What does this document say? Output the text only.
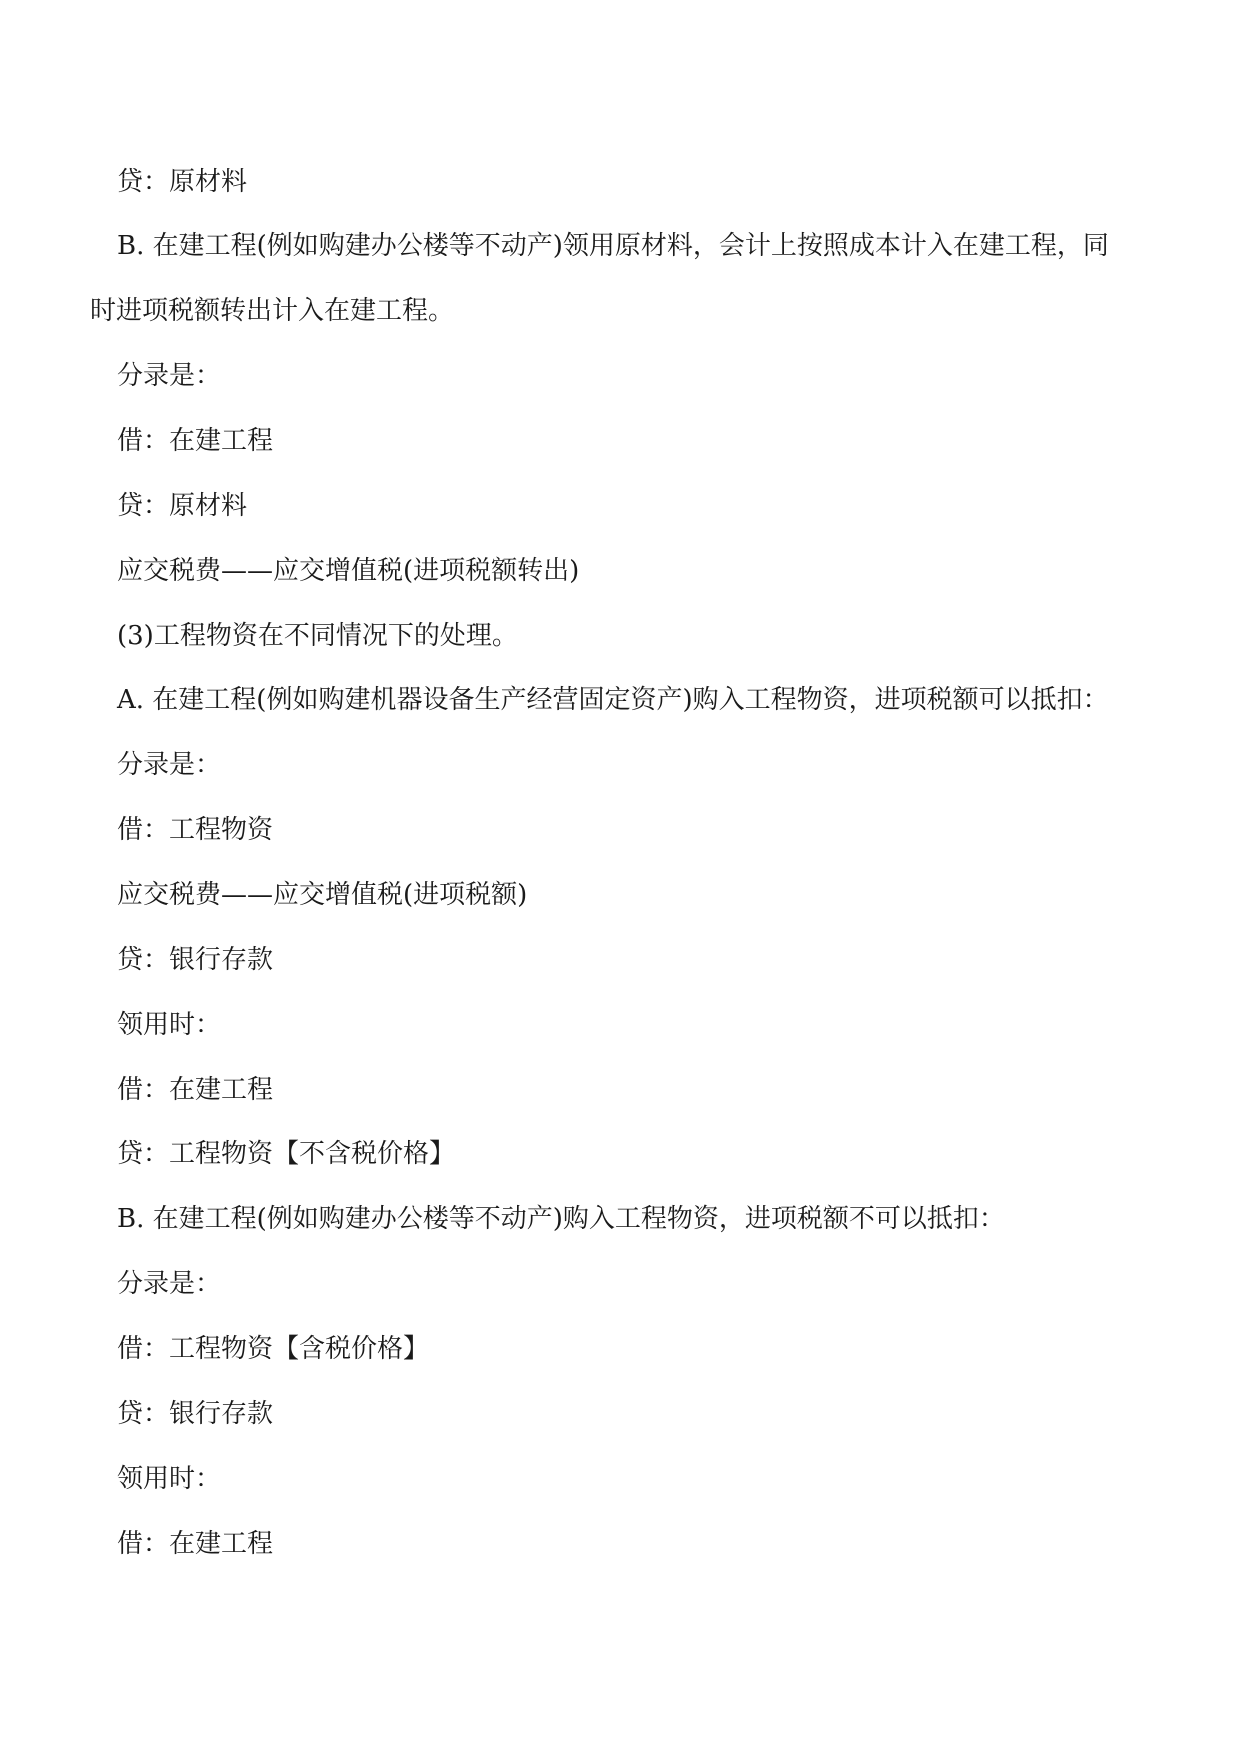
贷：原材料
B. 在建工程(例如购建办公楼等不动产)领用原材料，会计上按照成本计入在建工程，同
时进项税额转出计入在建工程。
分录是：
借：在建工程
贷：原材料
应交税费——应交增值税(进项税额转出)
(3)工程物资在不同情况下的处理。
A. 在建工程(例如购建机器设备生产经营固定资产)购入工程物资，进项税额可以抵扣：
分录是：
借：工程物资
应交税费——应交增值税(进项税额)
贷：银行存款
领用时：
借：在建工程
贷：工程物资【不含税价格】
B. 在建工程(例如购建办公楼等不动产)购入工程物资，进项税额不可以抵扣：
分录是：
借：工程物资【含税价格】
贷：银行存款
领用时：
借：在建工程
